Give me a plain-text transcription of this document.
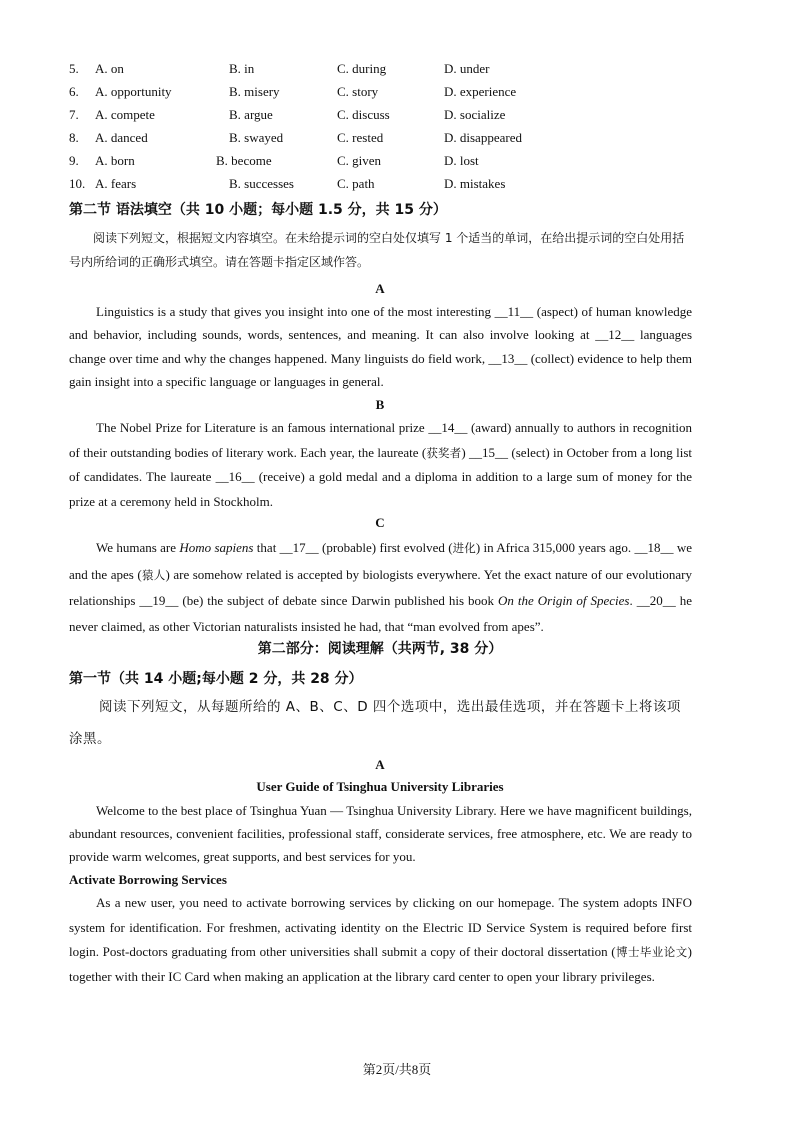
5. A. on	B. in	C. during	D. under
6. A. opportunity	B. misery	C. story	D. experience
7. A. compete	B. argue	C. discuss	D. socialize
8. A. danced	B. swayed	C. rested	D. disappeared
9. A. born	B. become	C. given	D. lost
10. A. fears	B. successes	C. path	D. mistakes
第二节 语法填空（共 10 小题；每小题 1.5 分，共 15 分）
阅读下列短文，根据短文内容填空。在未给提示词的空白处仅填写 1 个适当的单词，在给出提示词的空白处用括号内所给词的正确形式填空。请在答题卡指定区域作答。
A
Linguistics is a study that gives you insight into one of the most interesting __11__ (aspect) of human knowledge and behavior, including sounds, words, sentences, and meaning. It can also involve looking at __12__ languages change over time and why the changes happened. Many linguists do field work, __13__ (collect) evidence to help them gain insight into a specific language or languages in general.
B
The Nobel Prize for Literature is an famous international prize __14__ (award) annually to authors in recognition of their outstanding bodies of literary work. Each year, the laureate (获奖者) __15__ (select) in October from a long list of candidates. The laureate __16__ (receive) a gold medal and a diploma in addition to a large sum of money for the prize at a ceremony held in Stockholm.
C
We humans are Homo sapiens that __17__ (probable) first evolved (进化) in Africa 315,000 years ago. __18__ we and the apes (猿人) are somehow related is accepted by biologists everywhere. Yet the exact nature of our evolutionary relationships __19__ (be) the subject of debate since Darwin published his book On the Origin of Species. __20__ he never claimed, as other Victorian naturalists insisted he had, that “man evolved from apes”.
第二部分：阅读理解（共两节, 38 分）
第一节（共 14 小题;每小题 2 分，共 28 分）
阅读下列短文，从每题所给的 A、B、C、D 四个选项中，选出最佳选项，并在答题卡上将该项涂黑。
A
User Guide of Tsinghua University Libraries
Welcome to the best place of Tsinghua Yuan — Tsinghua University Library. Here we have magnificent buildings, abundant resources, convenient facilities, professional staff, considerate services, free atmosphere, etc. We are ready to provide warm welcomes, great supports, and best services for you.
Activate Borrowing Services
As a new user, you need to activate borrowing services by clicking on our homepage. The system adopts INFO system for identification. For freshmen, activating identity on the Electric ID Service System is required before first login. Post-doctors graduating from other universities shall submit a copy of their doctoral dissertation (博士毕业论文) together with their IC Card when making an application at the library card center to open your library privileges.
第2页/共8页
